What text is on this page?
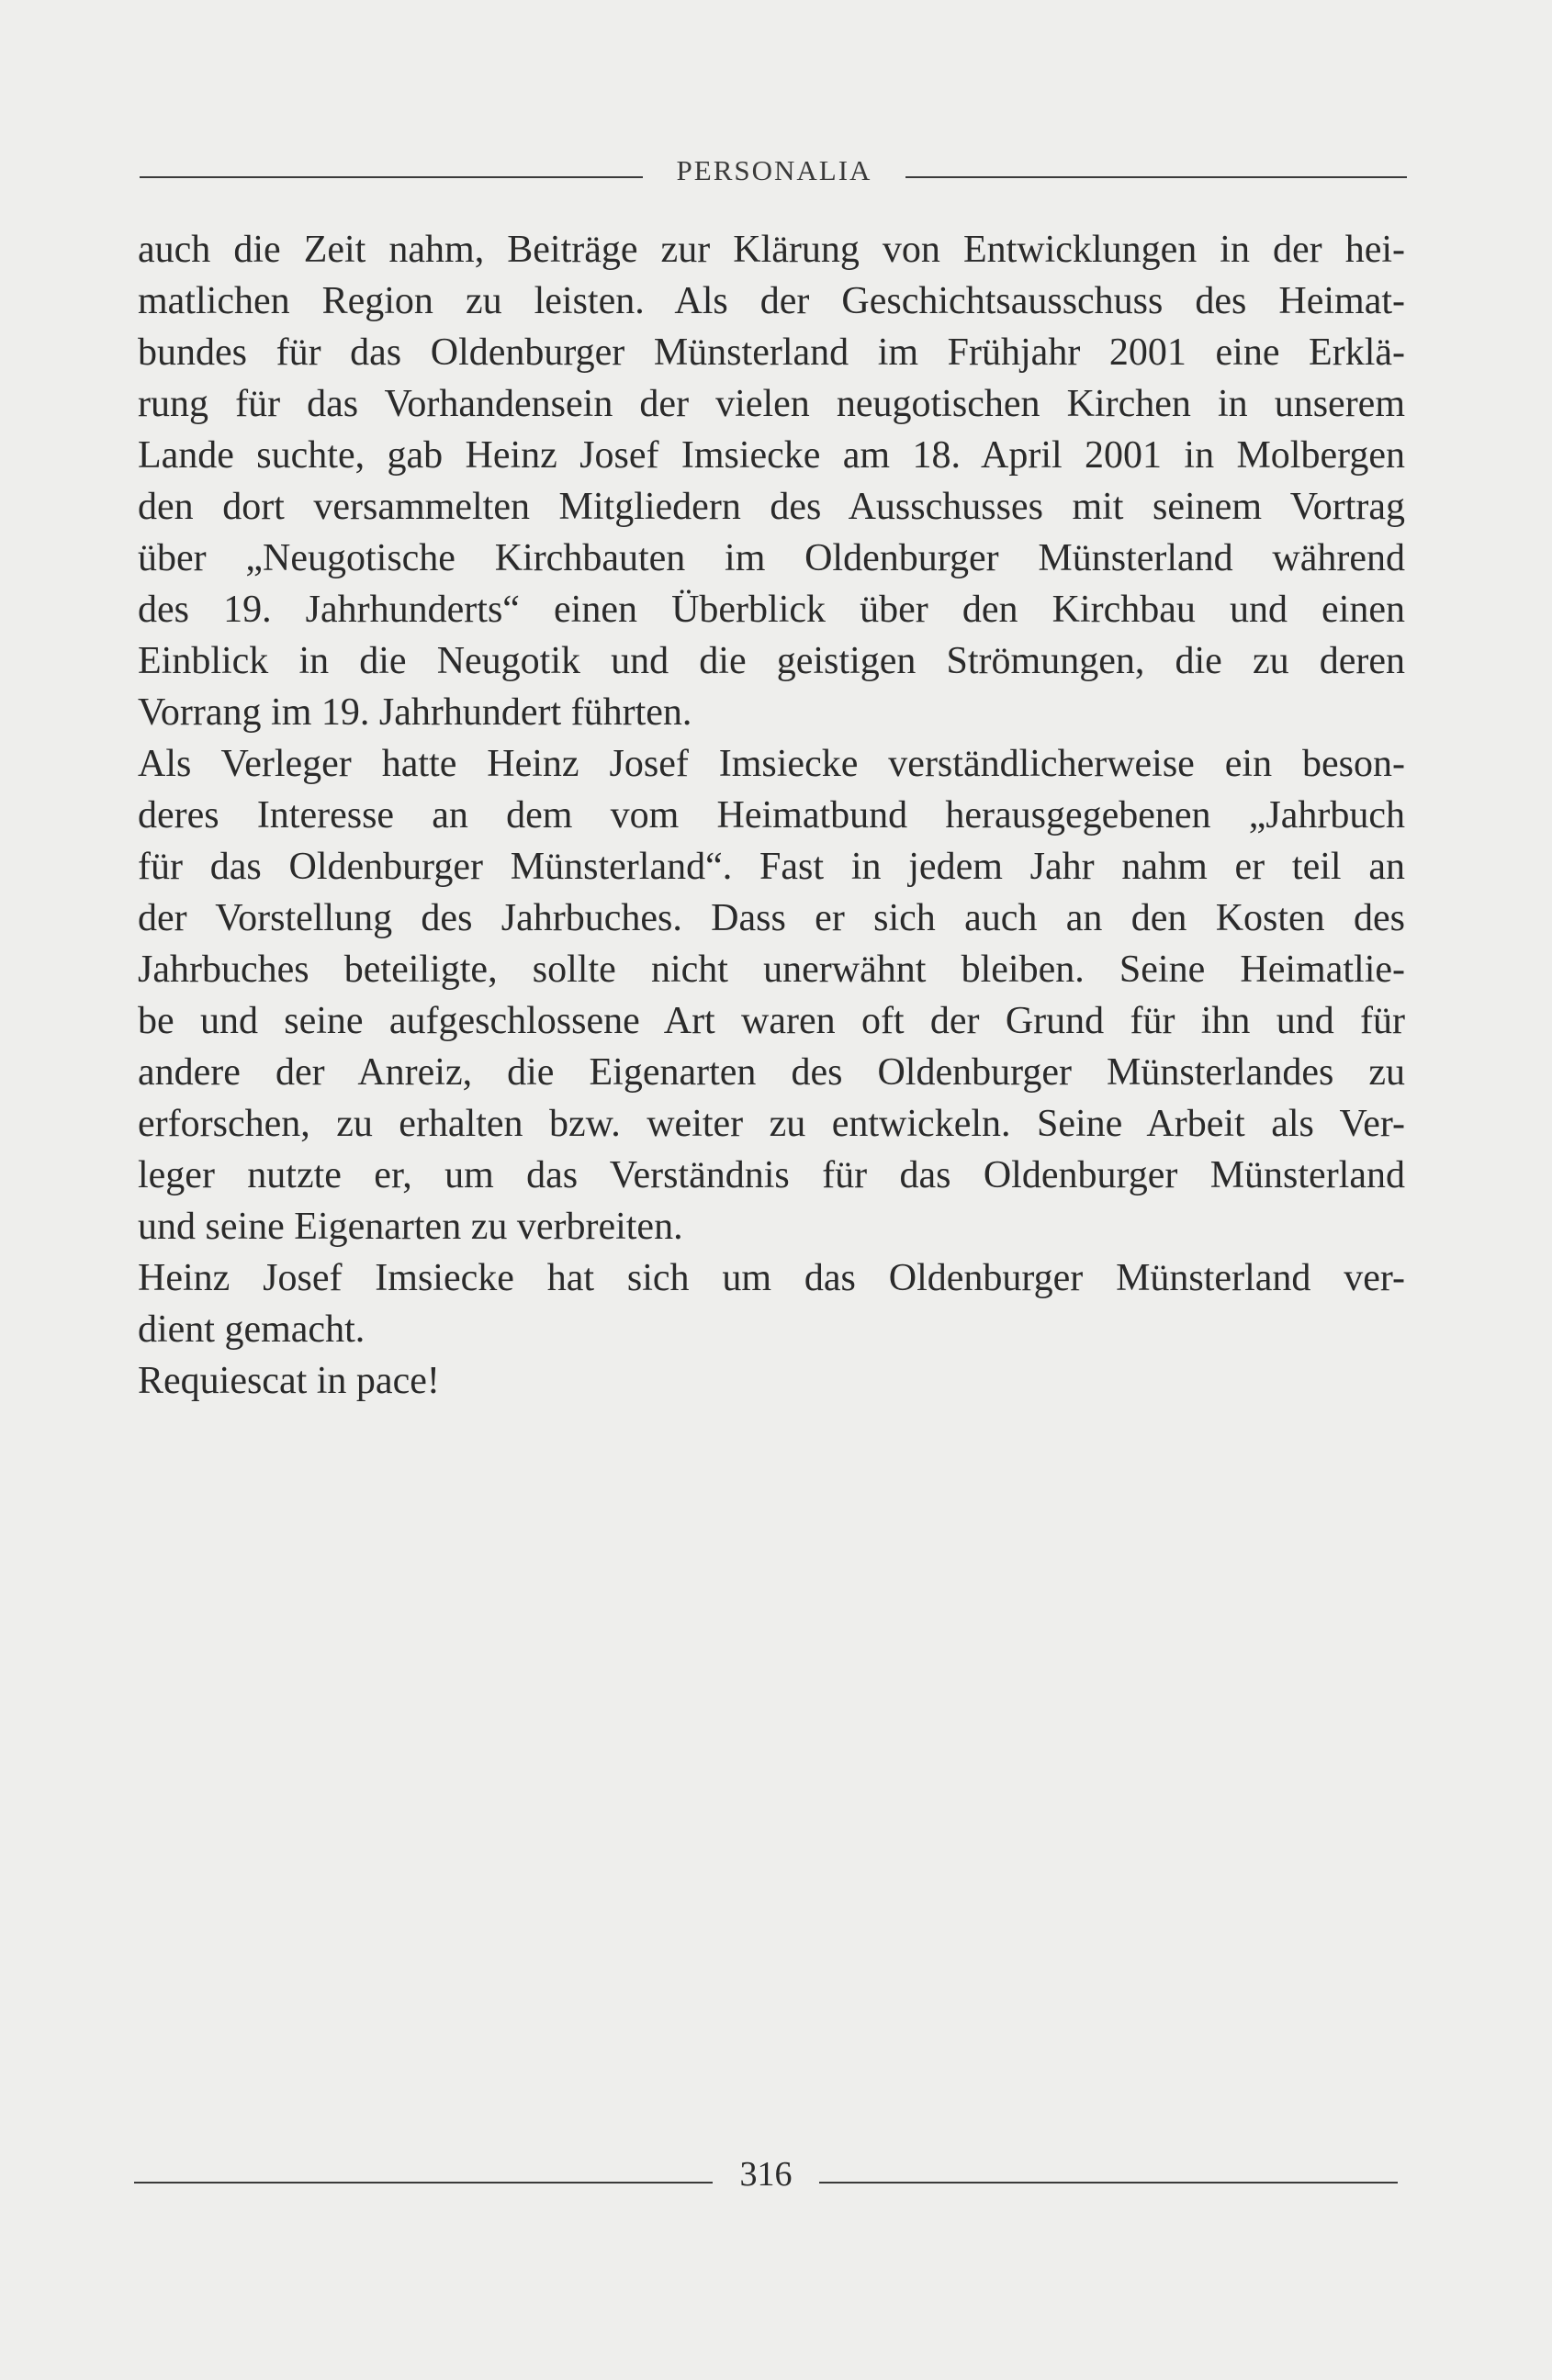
PERSONALIA
auch die Zeit nahm, Beiträge zur Klärung von Entwicklungen in der hei-
matlichen Region zu leisten. Als der Geschichtsausschuss des Heimat-
bundes für das Oldenburger Münsterland im Frühjahr 2001 eine Erklä-
rung für das Vorhandensein der vielen neugotischen Kirchen in unserem
Lande suchte, gab Heinz Josef Imsiecke am 18. April 2001 in Molbergen
den dort versammelten Mitgliedern des Ausschusses mit seinem Vortrag
über „Neugotische Kirchbauten im Oldenburger Münsterland während
des 19. Jahrhunderts“ einen Überblick über den Kirchbau und einen
Einblick in die Neugotik und die geistigen Strömungen, die zu deren
Vorrang im 19. Jahrhundert führten.
Als Verleger hatte Heinz Josef Imsiecke verständlicherweise ein beson-
deres Interesse an dem vom Heimatbund herausgegebenen „Jahrbuch
für das Oldenburger Münsterland“. Fast in jedem Jahr nahm er teil an
der Vorstellung des Jahrbuches. Dass er sich auch an den Kosten des
Jahrbuches beteiligte, sollte nicht unerwähnt bleiben. Seine Heimatlie-
be und seine aufgeschlossene Art waren oft der Grund für ihn und für
andere der Anreiz, die Eigenarten des Oldenburger Münsterlandes zu
erforschen, zu erhalten bzw. weiter zu entwickeln. Seine Arbeit als Ver-
leger nutzte er, um das Verständnis für das Oldenburger Münsterland
und seine Eigenarten zu verbreiten.
Heinz Josef Imsiecke hat sich um das Oldenburger Münsterland ver-
dient gemacht.
Requiescat in pace!
316
